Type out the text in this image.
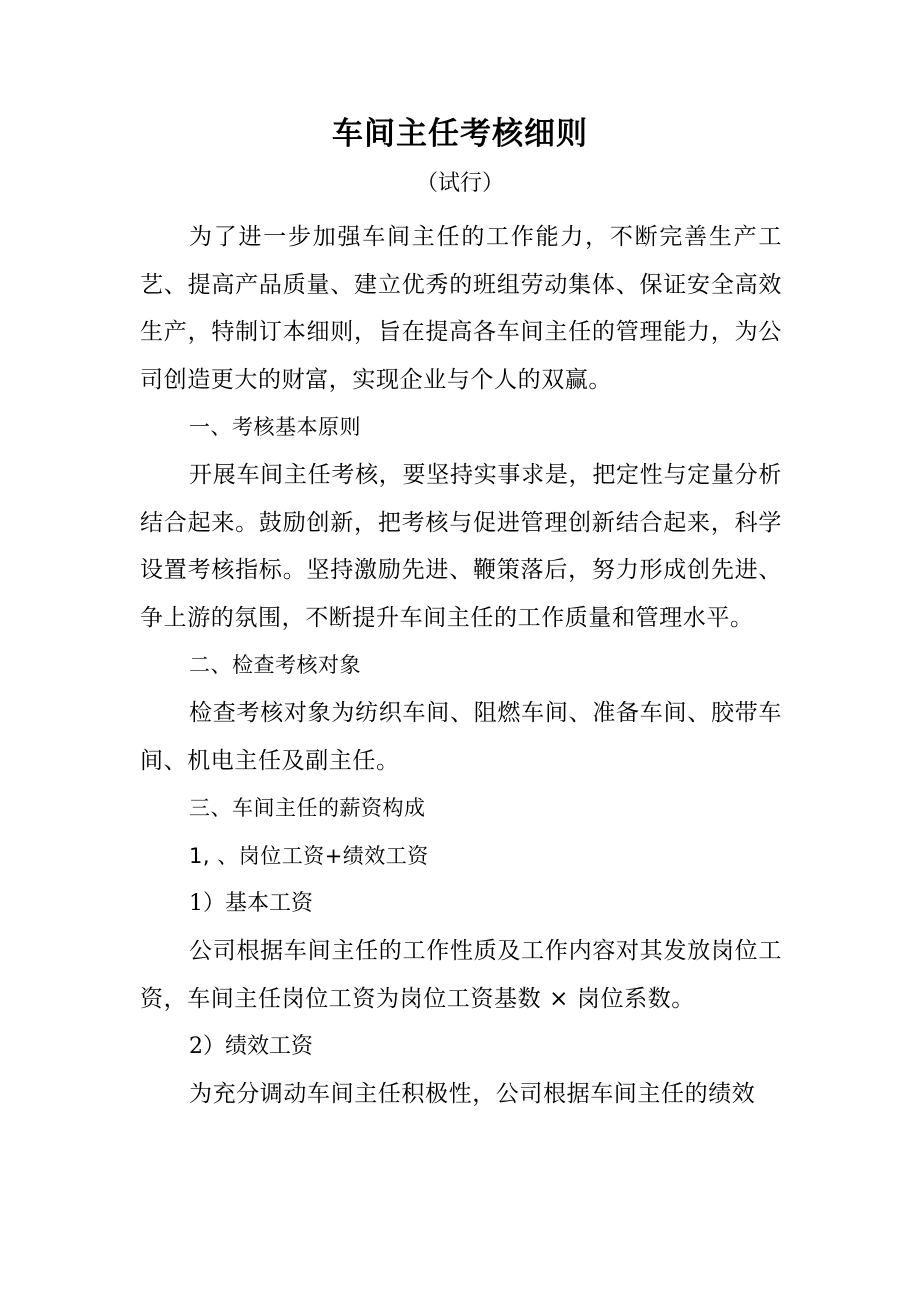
车间主任考核细则
（试行）

为了进一步加强车间主任的工作能力，不断完善生产工艺、提高产品质量、建立优秀的班组劳动集体、保证安全高效生产，特制订本细则，旨在提高各车间主任的管理能力，为公司创造更大的财富，实现企业与个人的双赢。

一、考核基本原则

开展车间主任考核，要坚持实事求是，把定性与定量分析结合起来。鼓励创新，把考核与促进管理创新结合起来，科学设置考核指标。坚持激励先进、鞭策落后，努力形成创先进、争上游的氛围，不断提升车间主任的工作质量和管理水平。

二、检查考核对象

检查考核对象为纺织车间、阻燃车间、准备车间、胶带车间、机电主任及副主任。

三、车间主任的薪资构成

1, 、岗位工资+绩效工资

1）基本工资

公司根据车间主任的工作性质及工作内容对其发放岗位工资，车间主任岗位工资为岗位工资基数 × 岗位系数。

2）绩效工资

为充分调动车间主任积极性，公司根据车间主任的绩效
